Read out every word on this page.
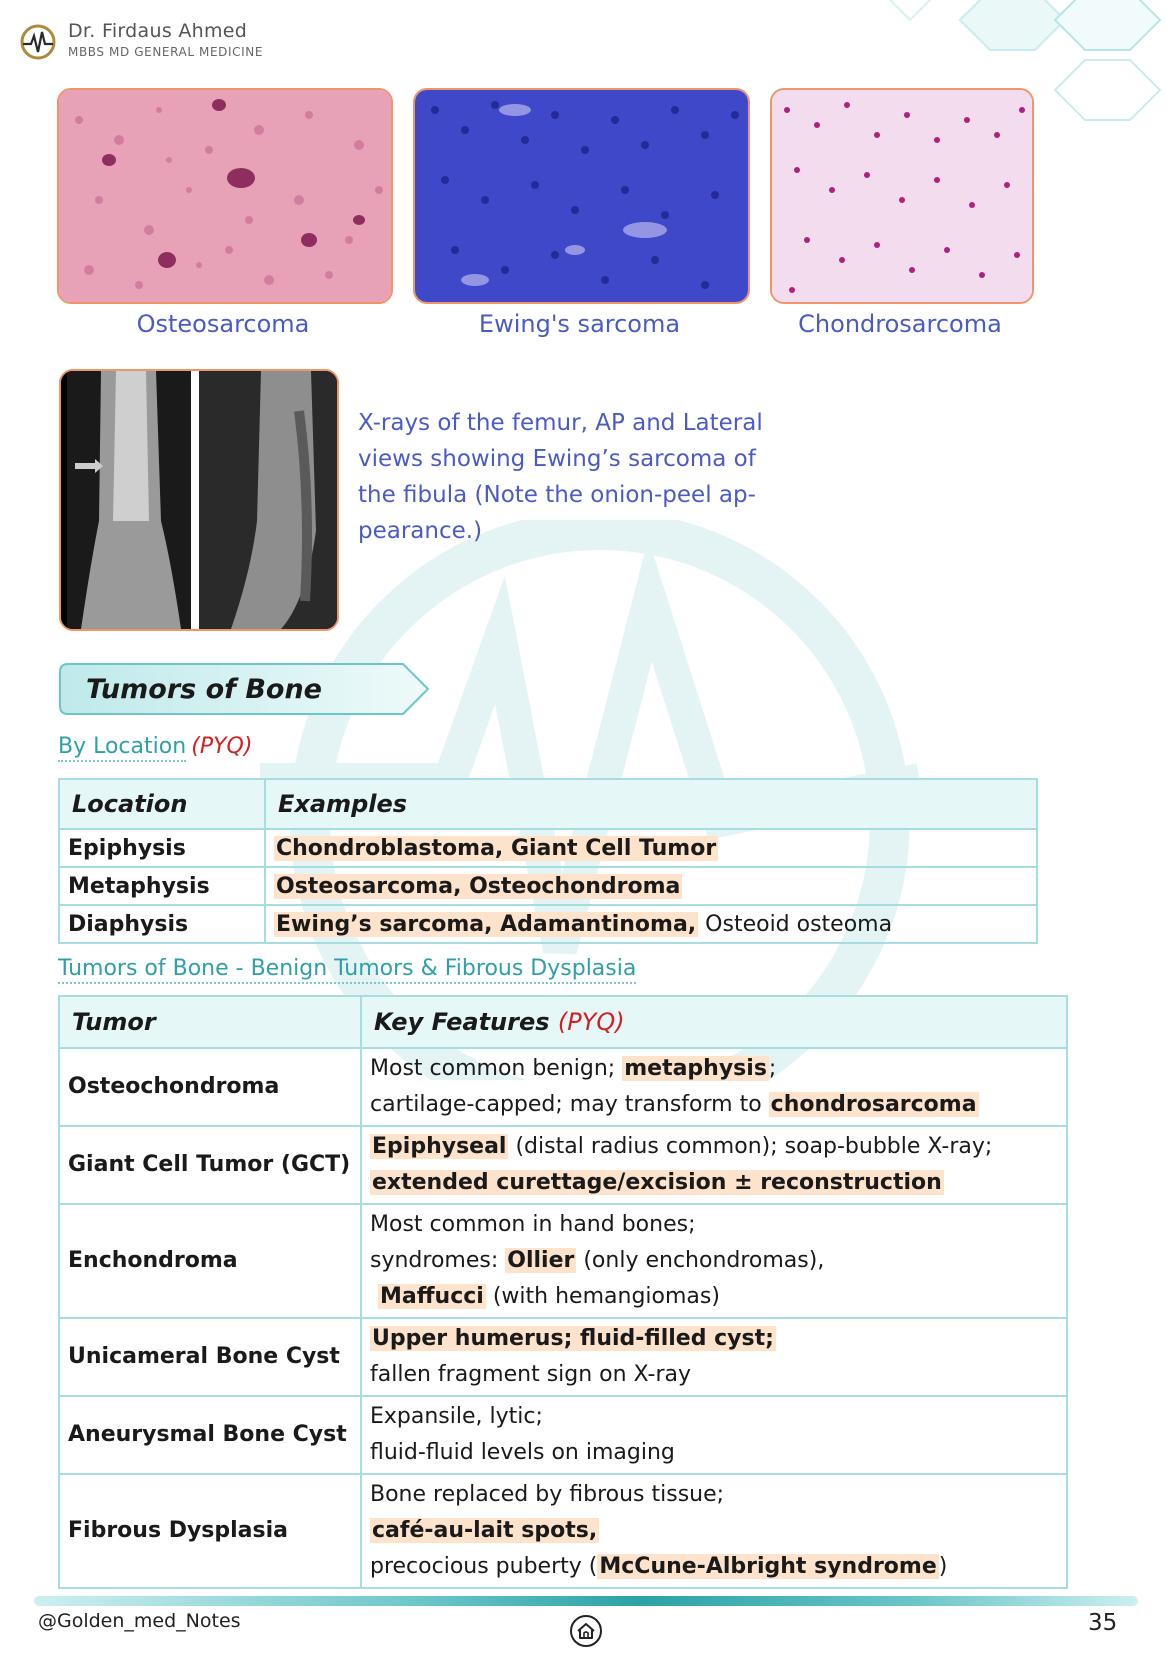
Dr. Firdaus Ahmed
MBBS MD GENERAL MEDICINE
Osteosarcoma	Ewing's sarcoma	Chondrosarcoma
X-rays of the femur, AP and Lateral views showing Ewing’s sarcoma of the fibula (Note the onion-peel ap-pearance.)
Tumors of Bone
By Location (PYQ)
Location	Examples
Epiphysis	Chondroblastoma, Giant Cell Tumor
Metaphysis	Osteosarcoma, Osteochondroma
Diaphysis	Ewing’s sarcoma, Adamantinoma, Osteoid osteoma
Tumors of Bone - Benign Tumors & Fibrous Dysplasia
Tumor	Key Features (PYQ)
Osteochondroma	Most common benign; metaphysis;
cartilage-capped; may transform to chondrosarcoma

Giant Cell Tumor (GCT)	Epiphyseal (distal radius common); soap-bubble X-ray;
extended curettage/excision ± reconstruction

Enchondroma	Most common in hand bones;
syndromes: Ollier (only enchondromas),
Maffucci (with hemangiomas)

Unicameral Bone Cyst	Upper humerus; fluid-filled cyst;
fallen fragment sign on X-ray

Aneurysmal Bone Cyst	Expansile, lytic;
fluid-fluid levels on imaging

Fibrous Dysplasia	Bone replaced by fibrous tissue;
café-au-lait spots,
precocious puberty (McCune-Albright syndrome)
@Golden_med_Notes	35
